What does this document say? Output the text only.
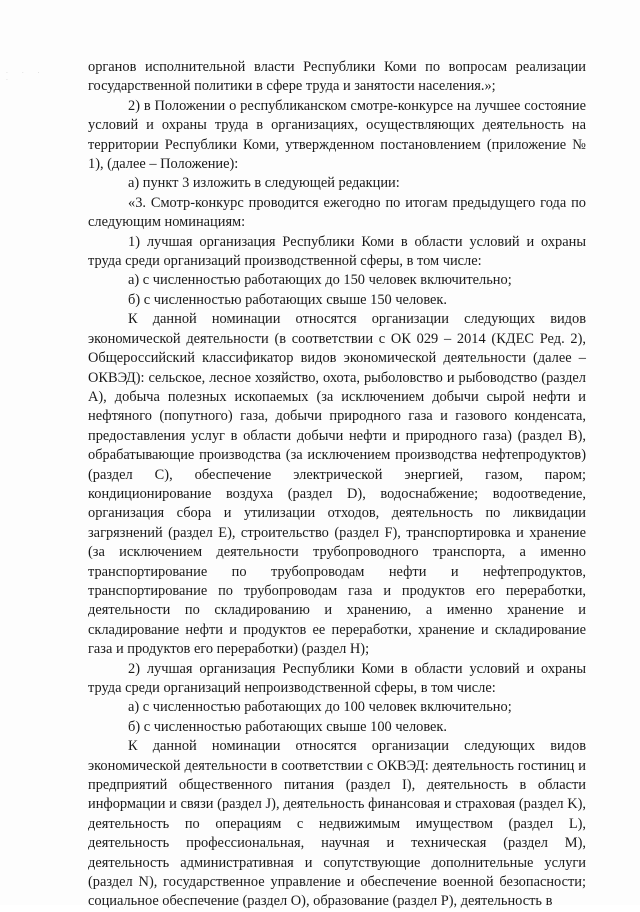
· · · ·

органов исполнительной власти Республики Коми по вопросам реализации государственной политики в сфере труда и занятости населения.»;

2) в Положении о республиканском смотре-конкурсе на лучшее состояние условий и охраны труда в организациях, осуществляющих деятельность на территории Республики Коми, утвержденном постановлением (приложение № 1), (далее – Положение):

а) пункт 3 изложить в следующей редакции:

«3. Смотр-конкурс проводится ежегодно по итогам предыдущего года по следующим номинациям:

1) лучшая организация Республики Коми в области условий и охраны труда среди организаций производственной сферы, в том числе:

а) с численностью работающих до 150 человек включительно;

б) с численностью работающих свыше 150 человек.

К данной номинации относятся организации следующих видов экономической деятельности (в соответствии с ОК 029 – 2014 (КДЕС Ред. 2), Общероссийский классификатор видов экономической деятельности (далее – ОКВЭД): сельское, лесное хозяйство, охота, рыболовство и рыбоводство (раздел A), добыча полезных ископаемых (за исключением добычи сырой нефти и нефтяного (попутного) газа, добычи природного газа и газового конденсата, предоставления услуг в области добычи нефти и природного газа) (раздел B), обрабатывающие производства (за исключением производства нефтепродуктов) (раздел C), обеспечение электрической энергией, газом, паром; кондиционирование воздуха (раздел D), водоснабжение; водоотведение, организация сбора и утилизации отходов, деятельность по ликвидации загрязнений (раздел E), строительство (раздел F), транспортировка и хранение (за исключением деятельности трубопроводного транспорта, а именно транспортирование по трубопроводам нефти и нефтепродуктов, транспортирование по трубопроводам газа и продуктов его переработки, деятельности по складированию и хранению, а именно хранение и складирование нефти и продуктов ее переработки, хранение и складирование газа и продуктов его переработки) (раздел H);

2) лучшая организация Республики Коми в области условий и охраны труда среди организаций непроизводственной сферы, в том числе:

а) с численностью работающих до 100 человек включительно;

б) с численностью работающих свыше 100 человек.

К данной номинации относятся организации следующих видов экономической деятельности в соответствии с ОКВЭД: деятельность гостиниц и предприятий общественного питания (раздел I), деятельность в области информации и связи (раздел J), деятельность финансовая и страховая (раздел K), деятельность по операциям с недвижимым имуществом (раздел L), деятельность профессиональная, научная и техническая (раздел M), деятельность административная и сопутствующие дополнительные услуги (раздел N), государственное управление и обеспечение военной безопасности; социальное обеспечение (раздел O), образование (раздел P), деятельность в
